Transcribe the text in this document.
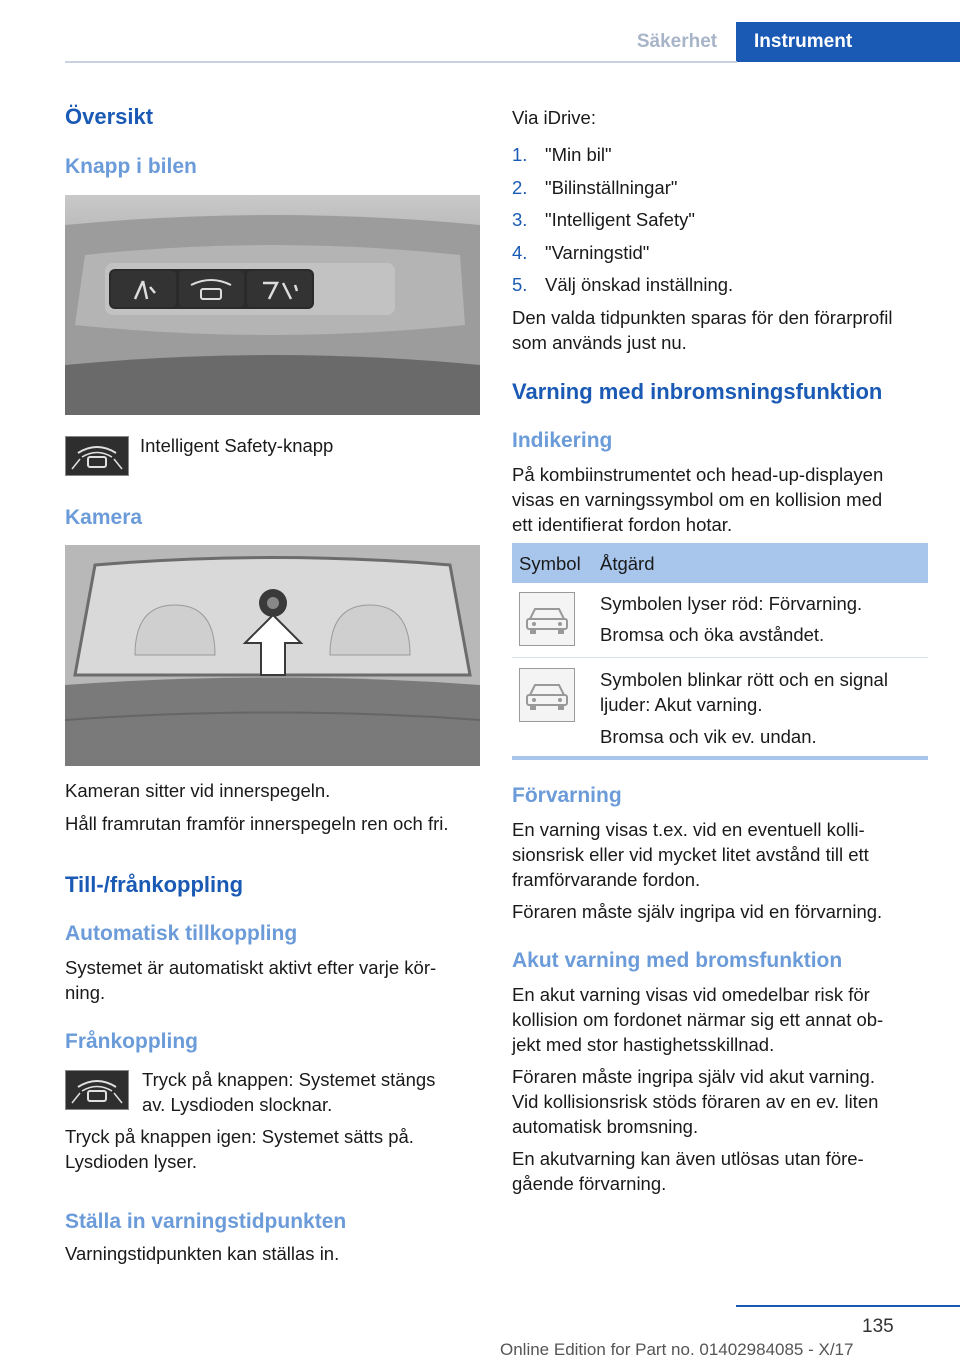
Säkerhet	Instrument
Översikt
Knapp i bilen

Intelligent Safety-knapp

Kamera

Kameran sitter vid innerspegeln.

Håll framrutan framför innerspegeln ren och fri.

Till-/frånkoppling
Automatisk tillkoppling

Systemet är automatiskt aktivt efter varje kör-

ning.

Frånkoppling

Tryck på knappen: Systemet stängs

av. Lysdioden slocknar.

Tryck på knappen igen: Systemet sätts på.

Lysdioden lyser.

Ställa in varningstidpunkten

Varningstidpunkten kan ställas in.

Via iDrive:

1. "Min bil"
2. "Bilinställningar"
3. "Intelligent Safety"
4. "Varningstid"
5. Välj önskad inställning.

Den valda tidpunkten sparas för den förarprofil

som används just nu.

Varning med inbromsningsfunktion
Indikering

På kombiinstrumentet och head-up-displayen

visas en varningssymbol om en kollision med

ett identifierat fordon hotar.

Symbol Åtgärd

Symbolen lyser röd: Förvarning.

Bromsa och öka avståndet.

Symbolen blinkar rött och en signal

ljuder: Akut varning.

Bromsa och vik ev. undan.

Förvarning

En varning visas t.ex. vid en eventuell kolli-

sionsrisk eller vid mycket litet avstånd till ett

framförvarande fordon.

Föraren måste själv ingripa vid en förvarning.

Akut varning med bromsfunktion

En akut varning visas vid omedelbar risk för

kollision om fordonet närmar sig ett annat ob-

jekt med stor hastighetsskillnad.

Föraren måste ingripa själv vid akut varning.

Vid kollisionsrisk stöds föraren av en ev. liten

automatisk bromsning.

En akutvarning kan även utlösas utan före-

gående förvarning.

135
Online Edition for Part no. 01402984085 - X/17
